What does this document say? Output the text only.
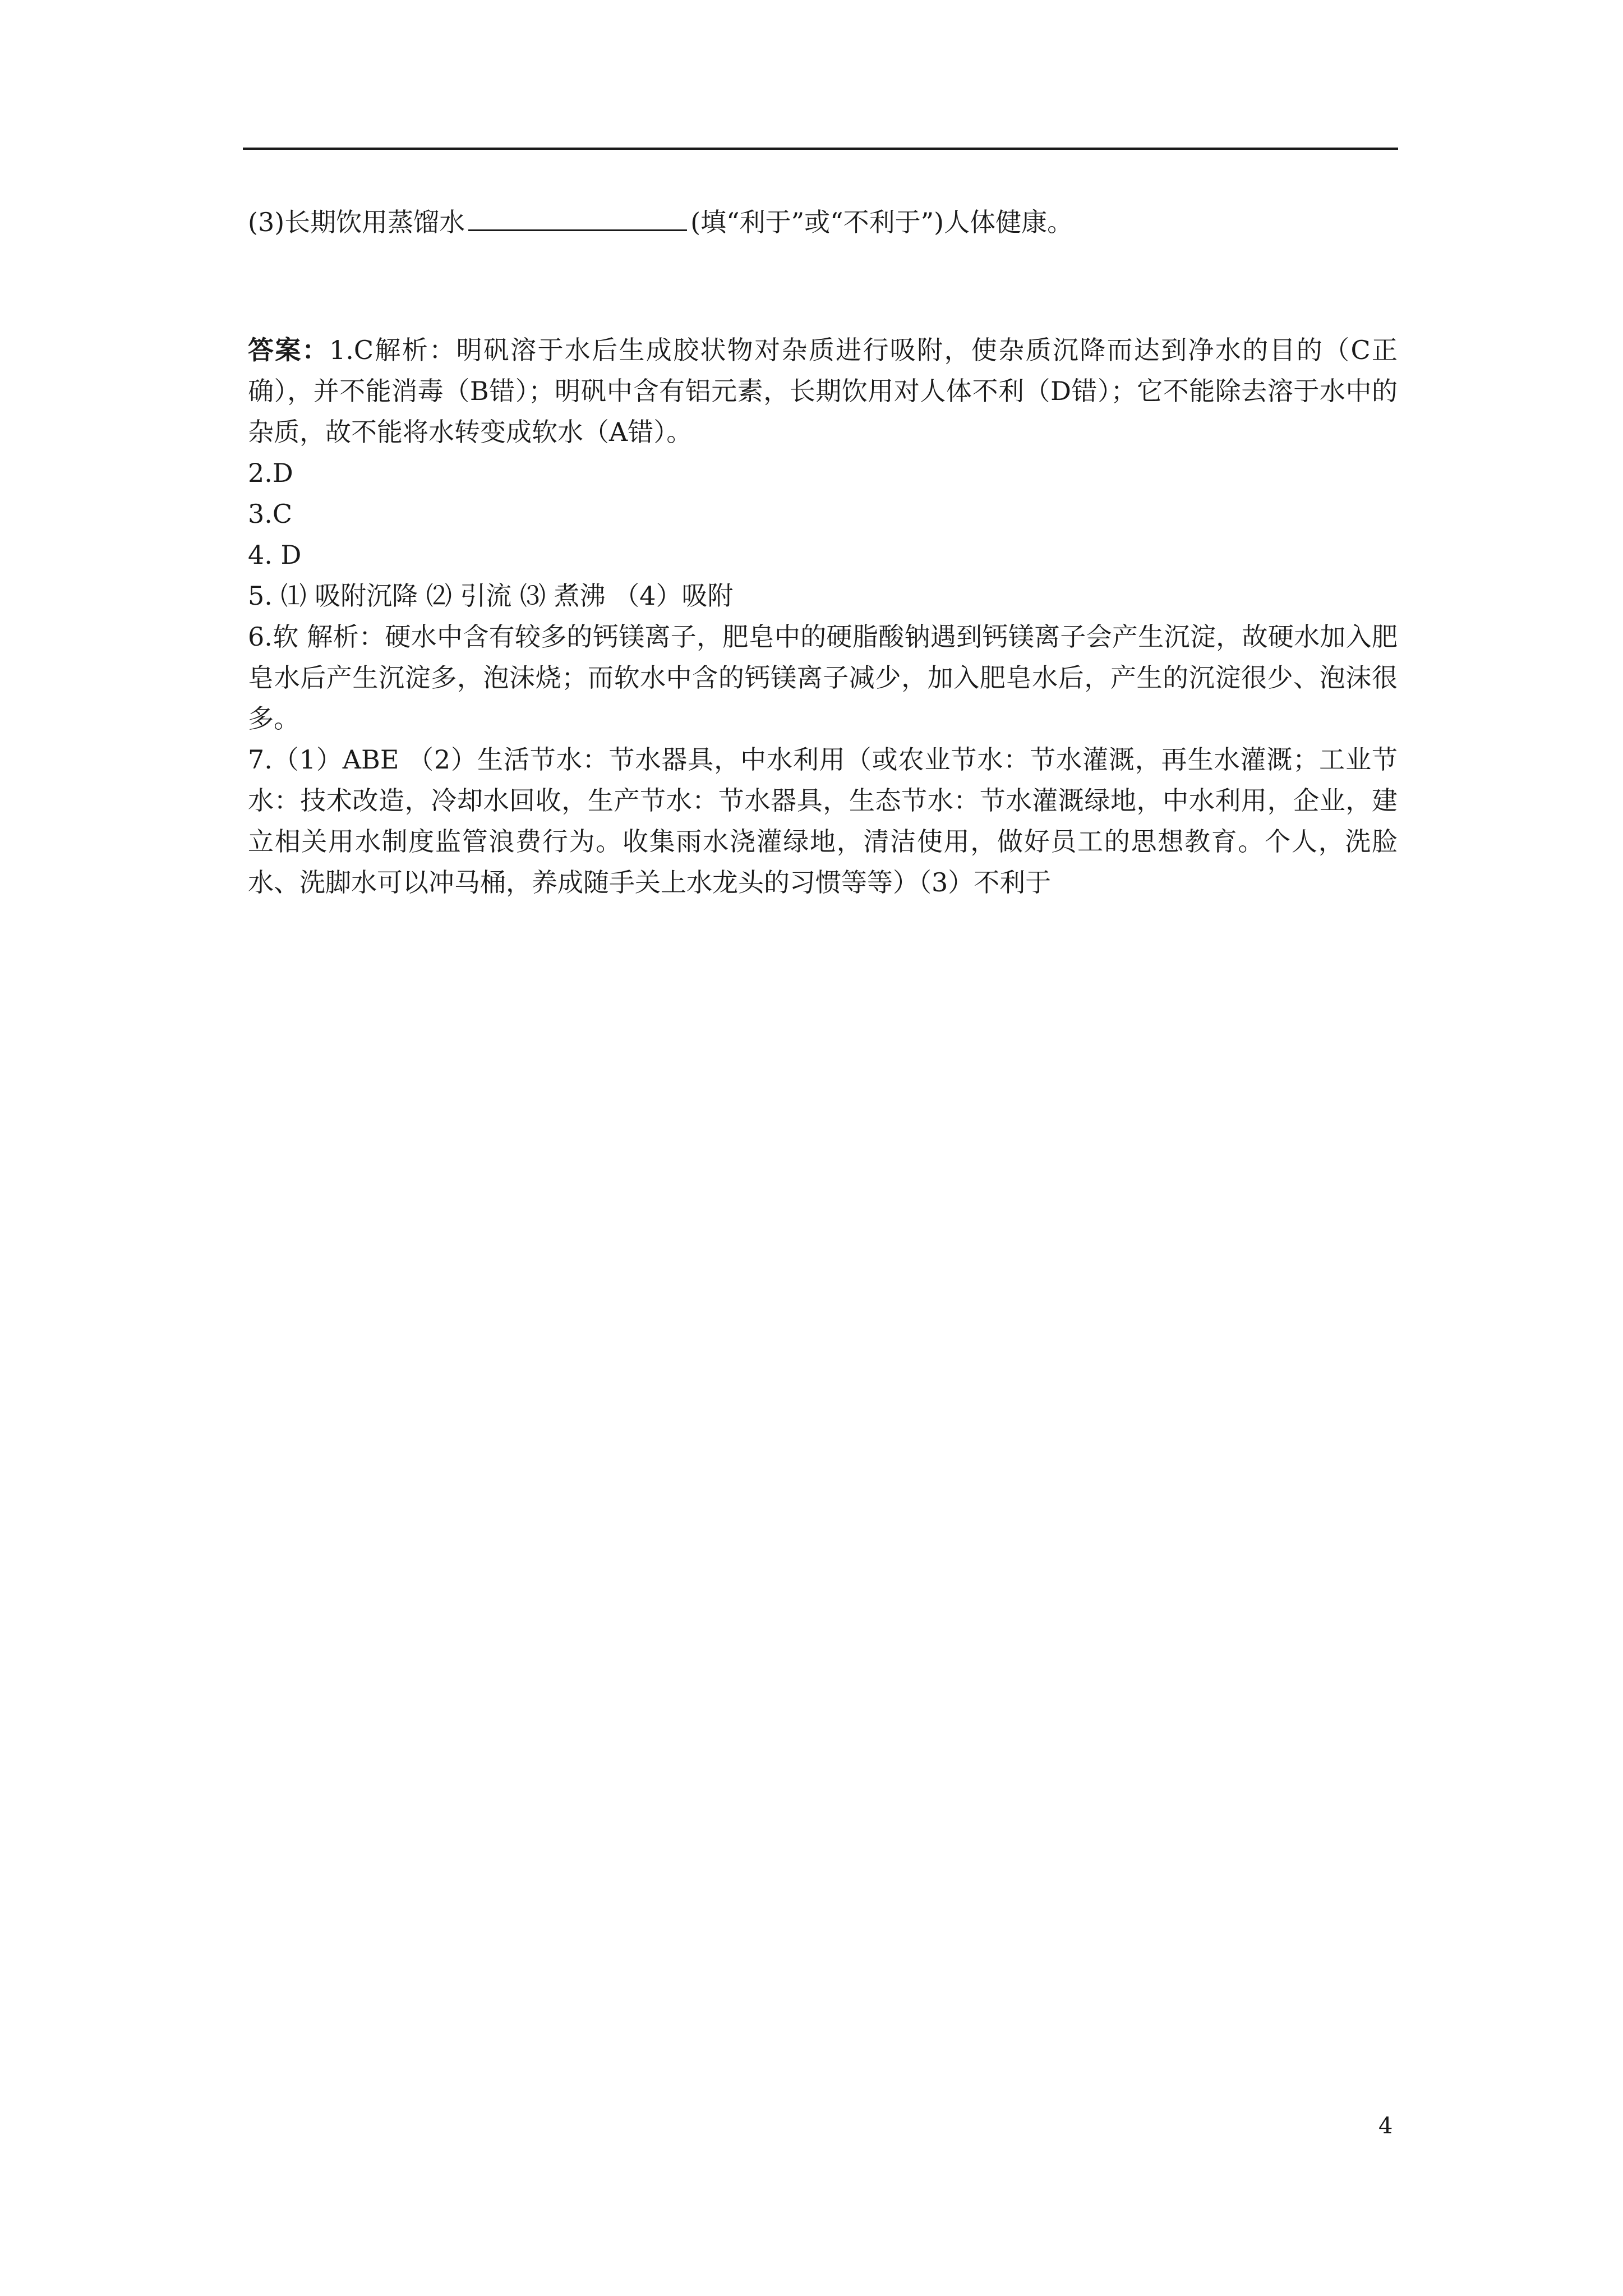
(3)长期饮用蒸馏水	(填“利于”或“不利于”)人体健康。

答案：1.C解析：明矾溶于水后生成胶状物对杂质进行吸附，使杂质沉降而达到净水的目的（C正确），并不能消毒（B错）；明矾中含有铝元素，长期饮用对人体不利（D错）；它不能除去溶于水中的杂质，故不能将水转变成软水（A错）。

2.D

3.C

4. D

5. ⑴ 吸附沉降 ⑵ 引流 ⑶ 煮沸 （4）吸附

6.软 解析：硬水中含有较多的钙镁离子，肥皂中的硬脂酸钠遇到钙镁离子会产生沉淀，故硬水加入肥皂水后产生沉淀多，泡沫烧；而软水中含的钙镁离子减少，加入肥皂水后，产生的沉淀很少、泡沫很多。

7.（1）ABE （2）生活节水：节水器具，中水利用（或农业节水：节水灌溉，再生水灌溉；工业节水：技术改造，冷却水回收，生产节水：节水器具，生态节水：节水灌溉绿地，中水利用，企业，建立相关用水制度监管浪费行为。收集雨水浇灌绿地，清洁使用，做好员工的思想教育。个人，洗脸水、洗脚水可以冲马桶，养成随手关上水龙头的习惯等等）（3）不利于

4
